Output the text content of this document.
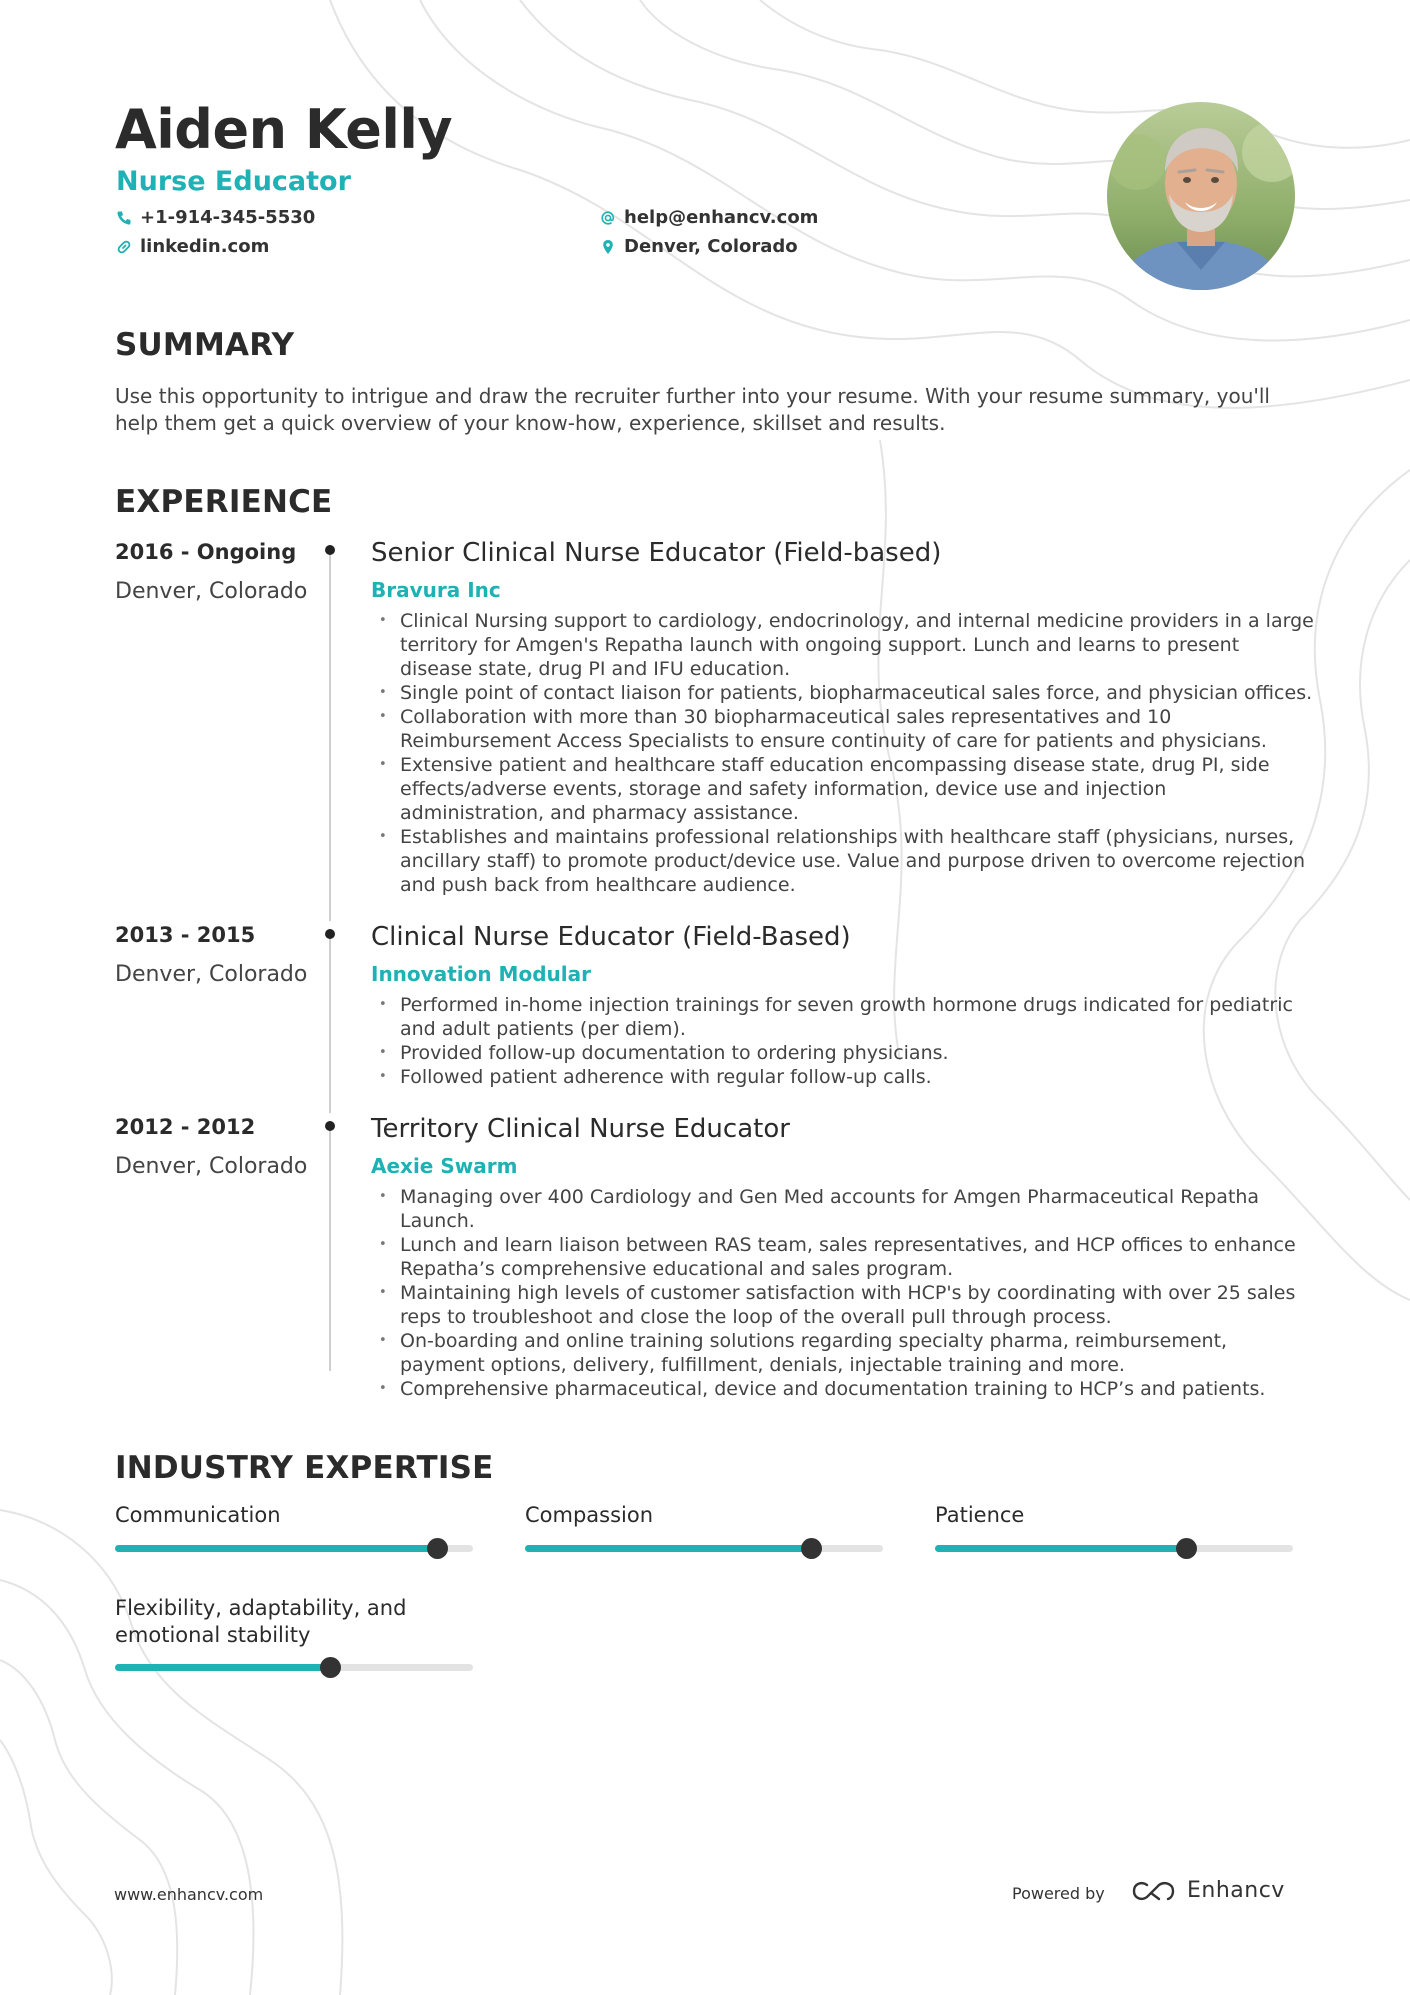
Aiden Kelly
Nurse Educator
+1-914-345-5530
linkedin.com
help@enhancv.com
Denver, Colorado
SUMMARY
Use this opportunity to intrigue and draw the recruiter further into your resume. With your resume summary, you'll help them get a quick overview of your know-how, experience, skillset and results.
EXPERIENCE
2016 - Ongoing
Denver, Colorado
Senior Clinical Nurse Educator (Field-based)
Bravura Inc
• Clinical Nursing support to cardiology, endocrinology, and internal medicine providers in a large territory for Amgen's Repatha launch with ongoing support. Lunch and learns to present disease state, drug PI and IFU education.
• Single point of contact liaison for patients, biopharmaceutical sales force, and physician offices.
• Collaboration with more than 30 biopharmaceutical sales representatives and 10 Reimbursement Access Specialists to ensure continuity of care for patients and physicians.
• Extensive patient and healthcare staff education encompassing disease state, drug PI, side effects/adverse events, storage and safety information, device use and injection administration, and pharmacy assistance.
• Establishes and maintains professional relationships with healthcare staff (physicians, nurses, ancillary staff) to promote product/device use. Value and purpose driven to overcome rejection and push back from healthcare audience.
2013 - 2015
Denver, Colorado
Clinical Nurse Educator (Field-Based)
Innovation Modular
• Performed in-home injection trainings for seven growth hormone drugs indicated for pediatric and adult patients (per diem).
• Provided follow-up documentation to ordering physicians.
• Followed patient adherence with regular follow-up calls.
2012 - 2012
Denver, Colorado
Territory Clinical Nurse Educator
Aexie Swarm
• Managing over 400 Cardiology and Gen Med accounts for Amgen Pharmaceutical Repatha Launch.
• Lunch and learn liaison between RAS team, sales representatives, and HCP offices to enhance Repatha’s comprehensive educational and sales program.
• Maintaining high levels of customer satisfaction with HCP's by coordinating with over 25 sales reps to troubleshoot and close the loop of the overall pull through process.
• On-boarding and online training solutions regarding specialty pharma, reimbursement, payment options, delivery, fulfillment, denials, injectable training and more.
• Comprehensive pharmaceutical, device and documentation training to HCP’s and patients.
INDUSTRY EXPERTISE
Communication	Compassion	Patience
Flexibility, adaptability, and emotional stability
www.enhancv.com	Powered by	Enhancv
